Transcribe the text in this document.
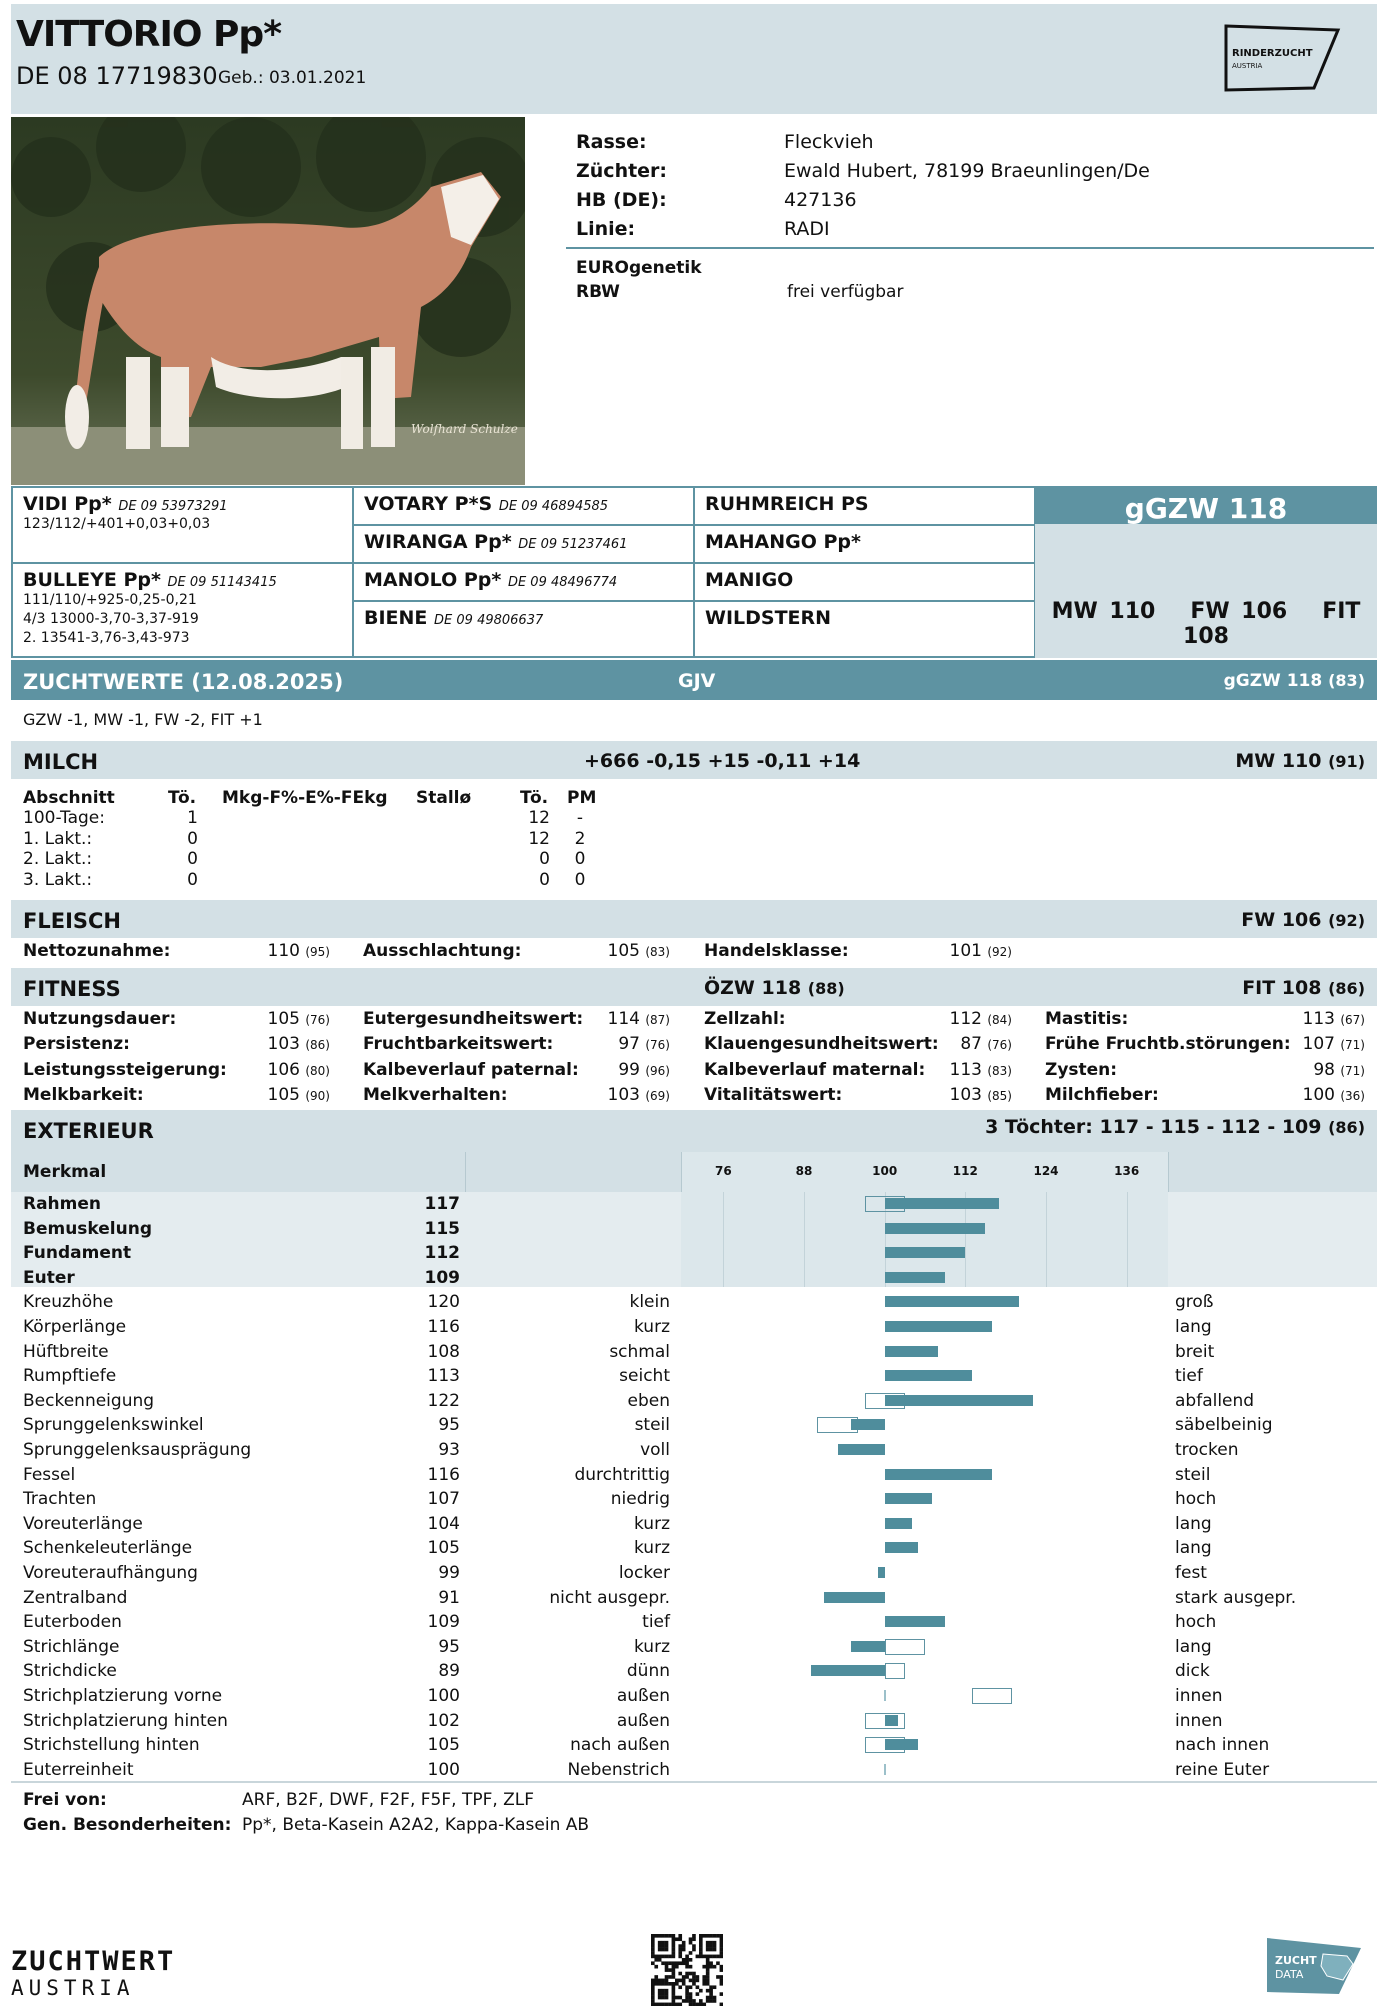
VITTORIO Pp*
DE 08 17719830 Geb.: 03.01.2021
RINDERZUCHT
AUSTRIA
Wolfhard Schulze
Rasse:	Fleckvieh
Züchter:	Ewald Hubert, 78199 Braeunlingen/De
HB (DE):	427136
Linie:	RADI
EUROgenetik
RBW	frei verfügbar
VIDI Pp* DE 09 53973291
123/112/+401+0,03+0,03
BULLEYE Pp* DE 09 51143415
111/110/+925-0,25-0,21
4/3 13000-3,70-3,37-919
2. 13541-3,76-3,43-973
VOTARY P*S DE 09 46894585
WIRANGA Pp* DE 09 51237461
MANOLO Pp* DE 09 48496774
BIENE DE 09 49806637
RUHMREICH PS
MAHANGO Pp*
MANIGO
WILDSTERN
gGZW 118
MW 110 FW 106 FIT 108
ZUCHTWERTE (12.08.2025)	GJV	gGZW 118 (83)
GZW -1, MW -1, FW -2, FIT +1
MILCH	+666 -0,15 +15 -0,11 +14	MW 110 (91)
Abschnitt	Tö. Mkg-F%-E%-FEkg Stallø	Tö. PM
100-Tage:	1	12	-
1. Lakt.:	0	12	2
2. Lakt.:	0	0	0
3. Lakt.:	0	0	0
FLEISCH	FW 106 (92)
Nettozunahme:	110 (95) Ausschlachtung:	105 (83) Handelsklasse:	101 (92)
FITNESS	ÖZW 118 (88)	FIT 108 (86)
Nutzungsdauer:	105 (76)
Persistenz:	103 (86)
Leistungssteigerung:	106 (80)
Melkbarkeit:	105 (90)
Eutergesundheitswert:	114 (87)
Fruchtbarkeitswert:	97 (76)
Kalbeverlauf paternal:	99 (96)
Melkverhalten:	103 (69)
Zellzahl:	112 (84)
Klauengesundheitswert:	87 (76)
Kalbeverlauf maternal:	113 (83)
Vitalitätswert:	103 (85)
Mastitis:	113 (67)
Frühe Fruchtb.störungen: 107 (71)
Zysten:	98 (71)
Milchfieber:	100 (36)
EXTERIEUR	3 Töchter: 117 - 115 - 112 - 109 (86)
Merkmal	76	88	100	112	124	136
Rahmen	117
Bemuskelung	115
Fundament	112
Euter	109
Kreuzhöhe	120	klein	groß
Körperlänge	116	kurz	lang
Hüftbreite	108	schmal	breit
Rumpftiefe	113	seicht	tief
Beckenneigung	122	eben	abfallend
Sprunggelenkswinkel	95	steil	säbelbeinig
Sprunggelenksausprägung	93	voll	trocken
Fessel	116	durchtrittig	steil
Trachten	107	niedrig	hoch
Voreuterlänge	104	kurz	lang
Schenkeleuterlänge	105	kurz	lang
Voreuteraufhängung	99	locker	fest
Zentralband	91	nicht ausgepr.	stark ausgepr.
Euterboden	109	tief	hoch
Strichlänge	95	kurz	lang
Strichdicke	89	dünn	dick
Strichplatzierung vorne	100	außen	innen
Strichplatzierung hinten	102	außen	innen
Strichstellung hinten	105	nach außen	nach innen
Euterreinheit	100	Nebenstrich	reine Euter
Frei von:	ARF, B2F, DWF, F2F, F5F, TPF, ZLF
Gen. Besonderheiten: Pp*, Beta-Kasein A2A2, Kappa-Kasein AB
ZUCHTWERT
AUSTRIA
ZUCHT
DATA
